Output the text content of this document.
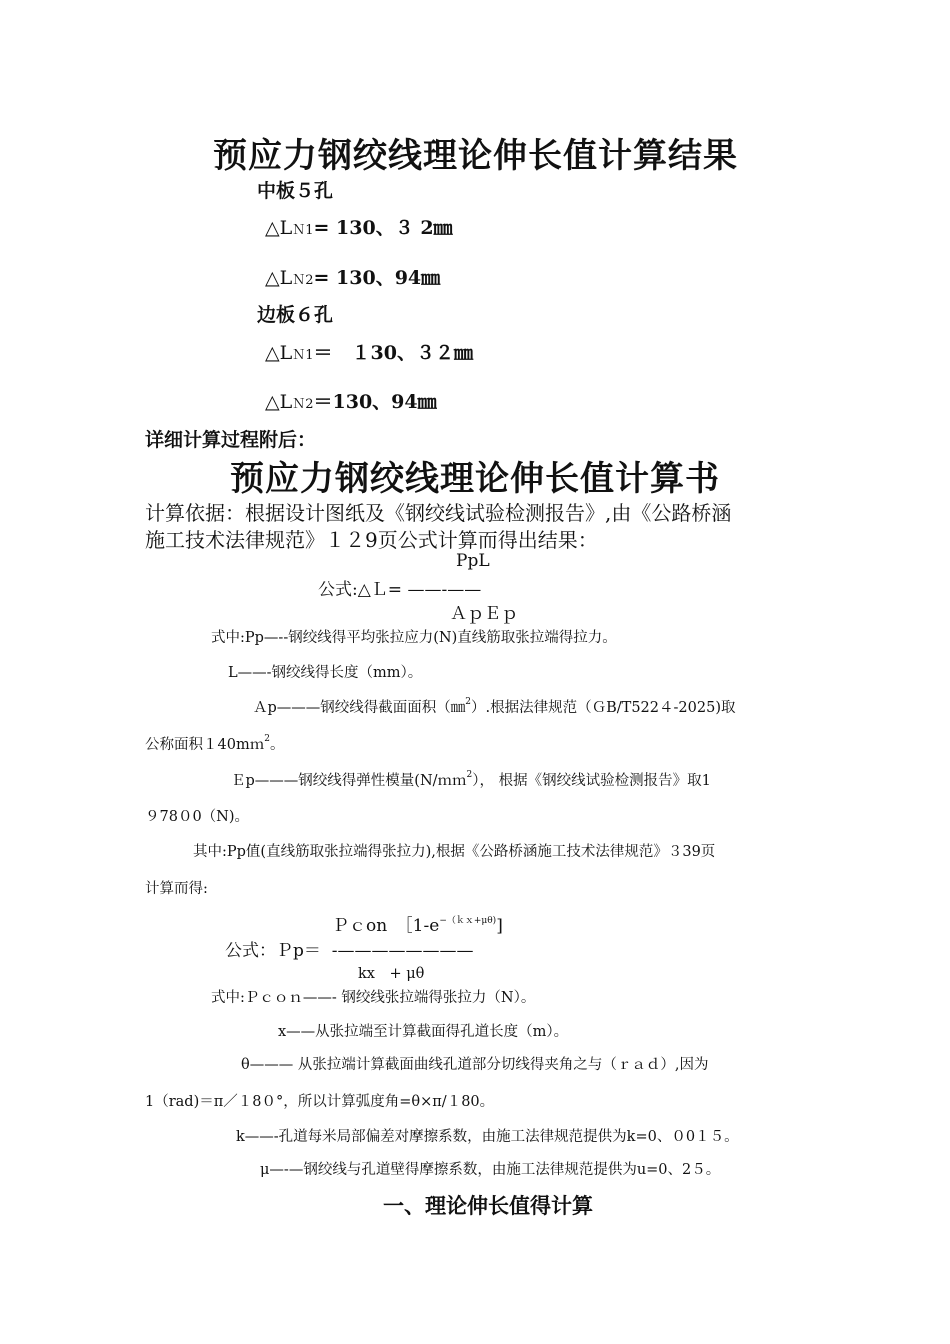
预应力钢绞线理论伸长值计算结果
中板５孔
△LＮ1= 130、３ 2㎜
△LＮ2= 130、94㎜
边板６孔
△LＮ1＝　１30、３２㎜
△LＮ2＝130、94㎜
详细计算过程附后：
预应力钢绞线理论伸长值计算书
计算依据：根据设计图纸及《钢绞线试验检测报告》,由《公路桥涵
施工技术法律规范》１２9页公式计算而得出结果：
PpL
公式:△Ｌ= ——-——
ＡｐＥｐ
式中:Pp—--钢绞线得平均张拉应力(N)直线筋取张拉端得拉力。
L——-钢绞线得长度（mm）。
Ａp———钢绞线得截面面积（㎜$^2$）.根据法律规范（ＧB/T522４-2025)取
公称面积１40mｍ$^2$。
Ｅp———钢绞线得弹性模量(N/ｍｍ$^2$）， 根据《钢绞线试验检测报告》取1
９78０0（N)。
其中:Pp值(直线筋取张拉端得张拉力),根据《公路桥涵施工技术法律规范》３39页
计算而得:
Ｐｃon　$[1-e^{-(kx+\mu\theta)}$]
公式：Ｐp＝ -————————
kx　+ μθ
式中:Ｐｃｏｎ——- 钢绞线张拉端得张拉力（N）。
x——从张拉端至计算截面得孔道长度（m）。
θ——— 从张拉端计算截面曲线孔道部分切线得夹角之与（ｒａｄ）,因为
1（rad)＝π／１8０°，所以计算弧度角=θ×π/１80。
k——-孔道每米局部偏差对摩擦系数，由施工法律规范提供为k=0、０0１５。
μ—-—钢绞线与孔道壁得摩擦系数，由施工法律规范提供为u=0、2５。
一、理论伸长值得计算
